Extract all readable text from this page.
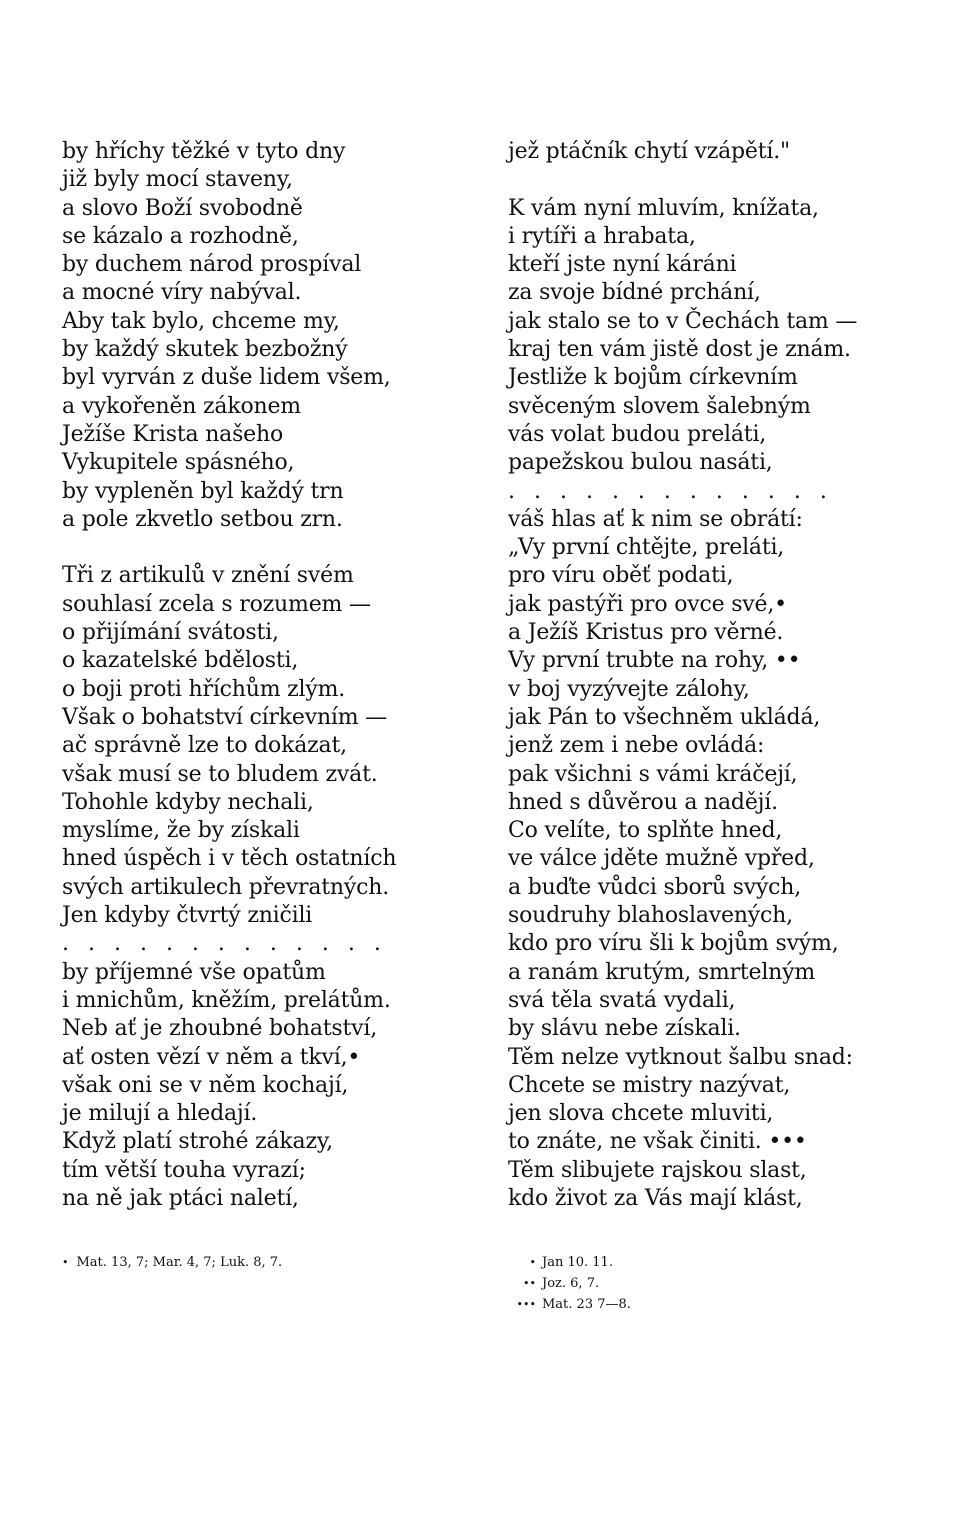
by hříchy těžké v tyto dny
již byly mocí staveny,
a slovo Boží svobodně
se kázalo a rozhodně,
by duchem národ prospíval
a mocné víry nabýval.
Aby tak bylo, chceme my,
by každý skutek bezbožný
byl vyrván z duše lidem všem,
a vykořeněn zákonem
Ježíše Krista našeho
Vykupitele spásného,
by vypleněn byl každý trn
a pole zkvetlo setbou zrn.
Tři z artikulů v znění svém
souhlasí zcela s rozumem —
o přijímání svátosti,
o kazatelské bdělosti,
o boji proti hříchům zlým.
Však o bohatství církevním —
ač správně lze to dokázat,
však musí se to bludem zvát.
Tohohle kdyby nechali,
myslíme, že by získali
hned úspěch i v těch ostatních
svých artikulech převratných.
Jen kdyby čtvrtý zničili
. . . . . . . . . . . . .
by příjemné vše opatům
i mnichům, kněžím, prelátům.
Neb ať je zhoubné bohatství,
ať osten vězí v něm a tkví,•
však oni se v něm kochají,
je milují a hledají.
Když platí strohé zákazy,
tím větší touha vyrazí;
na ně jak ptáci naletí,
jež ptáčník chytí vzápětí."
K vám nyní mluvím, knížata,
i rytíři a hrabata,
kteří jste nyní káráni
za svoje bídné prchání,
jak stalo se to v Čechách tam —
kraj ten vám jistě dost je znám.
Jestliže k bojům církevním
svěceným slovem šalebným
vás volat budou preláti,
papežskou bulou nasáti,
. . . . . . . . . . . . .
váš hlas ať k nim se obrátí:
„Vy první chtějte, preláti,
pro víru oběť podati,
jak pastýři pro ovce své,•
a Ježíš Kristus pro věrné.
Vy první trubte na rohy, ••
v boj vyzývejte zálohy,
jak Pán to všechněm ukládá,
jenž zem i nebe ovládá:
pak všichni s vámi kráčejí,
hned s důvěrou a nadějí.
Co velíte, to splňte hned,
ve válce jděte mužně vpřed,
a buďte vůdci sborů svých,
soudruhy blahoslavených,
kdo pro víru šli k bojům svým,
a ranám krutým, smrtelným
svá těla svatá vydali,
by slávu nebe získali.
Těm nelze vytknout šalbu snad:
Chcete se mistry nazývat,
jen slova chcete mluviti,
to znáte, ne však činiti. •••
Těm slibujete rajskou slast,
kdo život za Vás mají klást,
• Mat. 13, 7; Mar. 4, 7; Luk. 8, 7.	• Jan 10. 11.
•• Joz. 6, 7.
••• Mat. 23 7—8.
